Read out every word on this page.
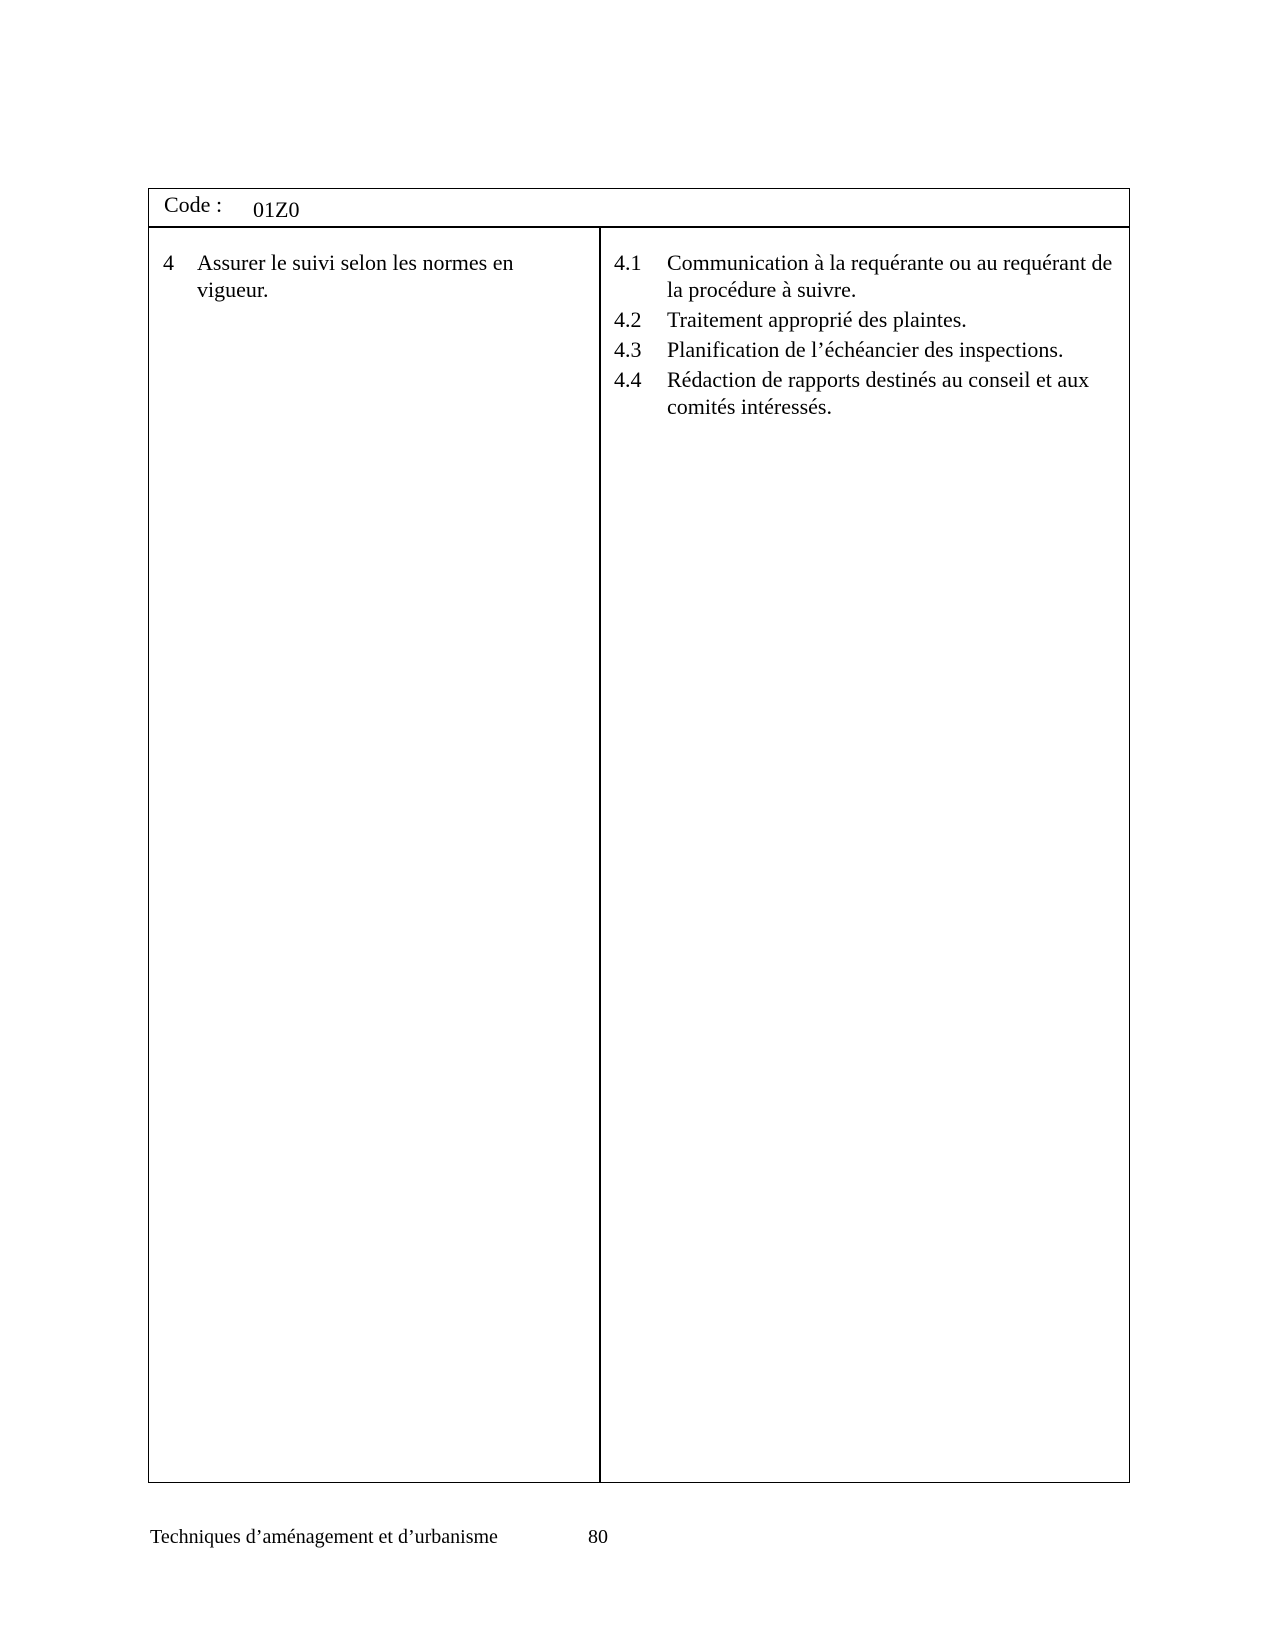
Code : 01Z0
4	Assurer le suivi selon les normes en vigueur.
4.1	Communication à la requérante ou au requérant de la procédure à suivre.
4.2	Traitement approprié des plaintes.
4.3	Planification de l’échéancier des inspections.
4.4	Rédaction de rapports destinés au conseil et aux comités intéressés.
Techniques d’aménagement et d’urbanisme	80
